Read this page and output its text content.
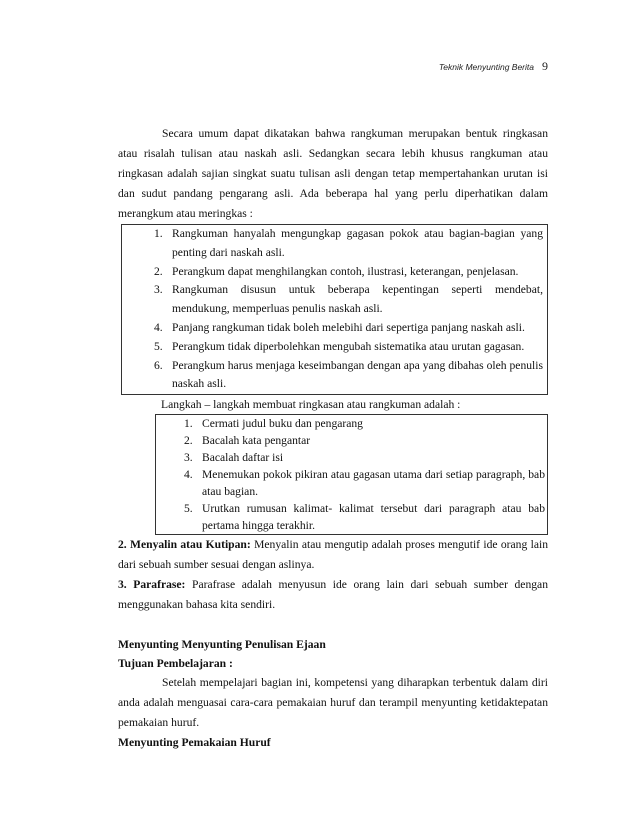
Teknik Menyunting Berita 9

Secara umum dapat dikatakan bahwa rangkuman merupakan bentuk ringkasan atau risalah tulisan atau naskah asli. Sedangkan secara lebih khusus rangkuman atau ringkasan adalah sajian singkat suatu tulisan asli dengan tetap mempertahankan urutan isi dan sudut pandang pengarang asli. Ada beberapa hal yang perlu diperhatikan dalam merangkum atau meringkas :

1. Rangkuman hanyalah mengungkap gagasan pokok atau bagian-bagian yang penting dari naskah asli.
2. Perangkum dapat menghilangkan contoh, ilustrasi, keterangan, penjelasan.
3. Rangkuman disusun untuk beberapa kepentingan seperti mendebat, mendukung, memperluas penulis naskah asli.
4. Panjang rangkuman tidak boleh melebihi dari sepertiga panjang naskah asli.
5. Perangkum tidak diperbolehkan mengubah sistematika atau urutan gagasan.
6. Perangkum harus menjaga keseimbangan dengan apa yang dibahas oleh penulis naskah asli.

Langkah – langkah membuat ringkasan atau rangkuman adalah :

1. Cermati judul buku dan pengarang
2. Bacalah kata pengantar
3. Bacalah daftar isi
4. Menemukan pokok pikiran atau gagasan utama dari setiap paragraph, bab atau bagian.
5. Urutkan rumusan kalimat- kalimat tersebut dari paragraph atau bab pertama hingga terakhir.

2. Menyalin atau Kutipan: Menyalin atau mengutip adalah proses mengutif ide orang lain dari sebuah sumber sesuai dengan aslinya.

3. Parafrase: Parafrase adalah menyusun ide orang lain dari sebuah sumber dengan menggunakan bahasa kita sendiri.

Menyunting Menyunting Penulisan Ejaan

Tujuan Pembelajaran :

Setelah mempelajari bagian ini, kompetensi yang diharapkan terbentuk dalam diri anda adalah menguasai cara-cara pemakaian huruf dan terampil menyunting ketidaktepatan pemakaian huruf.

Menyunting Pemakaian Huruf
